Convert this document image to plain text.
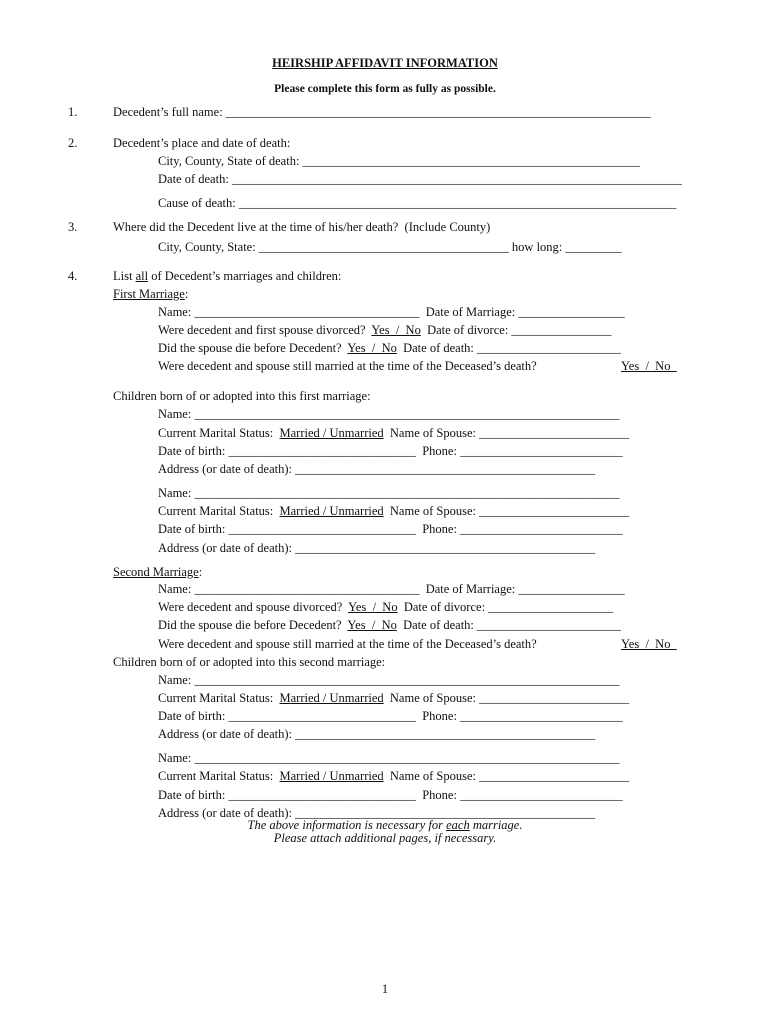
HEIRSHIP AFFIDAVIT INFORMATION
Please complete this form as fully as possible.
1.	Decedent’s full name: ____________________________________________________________________
2.	Decedent’s place and date of death:
City, County, State of death: ______________________________________________________
Date of death: ________________________________________________________________________
Cause of death: ______________________________________________________________________
3.	Where did the Decedent live at the time of his/her death?  (Include County)
City, County, State: ________________________________________ how long: _________
4.	List all of Decedent’s marriages and children:
First Marriage:
Name: ____________________________________  Date of Marriage: _________________
Were decedent and first spouse divorced?  Yes  /  No  Date of divorce: ________________
Did the spouse die before Decedent?  Yes  /  No  Date of death: _______________________
Were decedent and spouse still married at the time of the Deceased’s death?	Yes  /  No
Children born of or adopted into this first marriage:
Name: ____________________________________________________________________
Current Marital Status:  Married / Unmarried  Name of Spouse: ________________________
Date of birth: ______________________________  Phone: __________________________
Address (or date of death): ________________________________________________
Name: ____________________________________________________________________
Current Marital Status:  Married / Unmarried  Name of Spouse: ________________________
Date of birth: ______________________________  Phone: __________________________
Address (or date of death): ________________________________________________
Second Marriage:
Name: ____________________________________  Date of Marriage: _________________
Were decedent and spouse divorced?  Yes  /  No  Date of divorce: ____________________
Did the spouse die before Decedent?  Yes  /  No  Date of death: _______________________
Were decedent and spouse still married at the time of the Deceased’s death?	Yes  /  No
Children born of or adopted into this second marriage:
Name: ____________________________________________________________________
Current Marital Status:  Married / Unmarried  Name of Spouse: ________________________
Date of birth: ______________________________  Phone: __________________________
Address (or date of death): ________________________________________________
Name: ____________________________________________________________________
Current Marital Status:  Married / Unmarried  Name of Spouse: ________________________
Date of birth: ______________________________  Phone: __________________________
Address (or date of death): ________________________________________________
The above information is necessary for each marriage.
Please attach additional pages, if necessary.
1
